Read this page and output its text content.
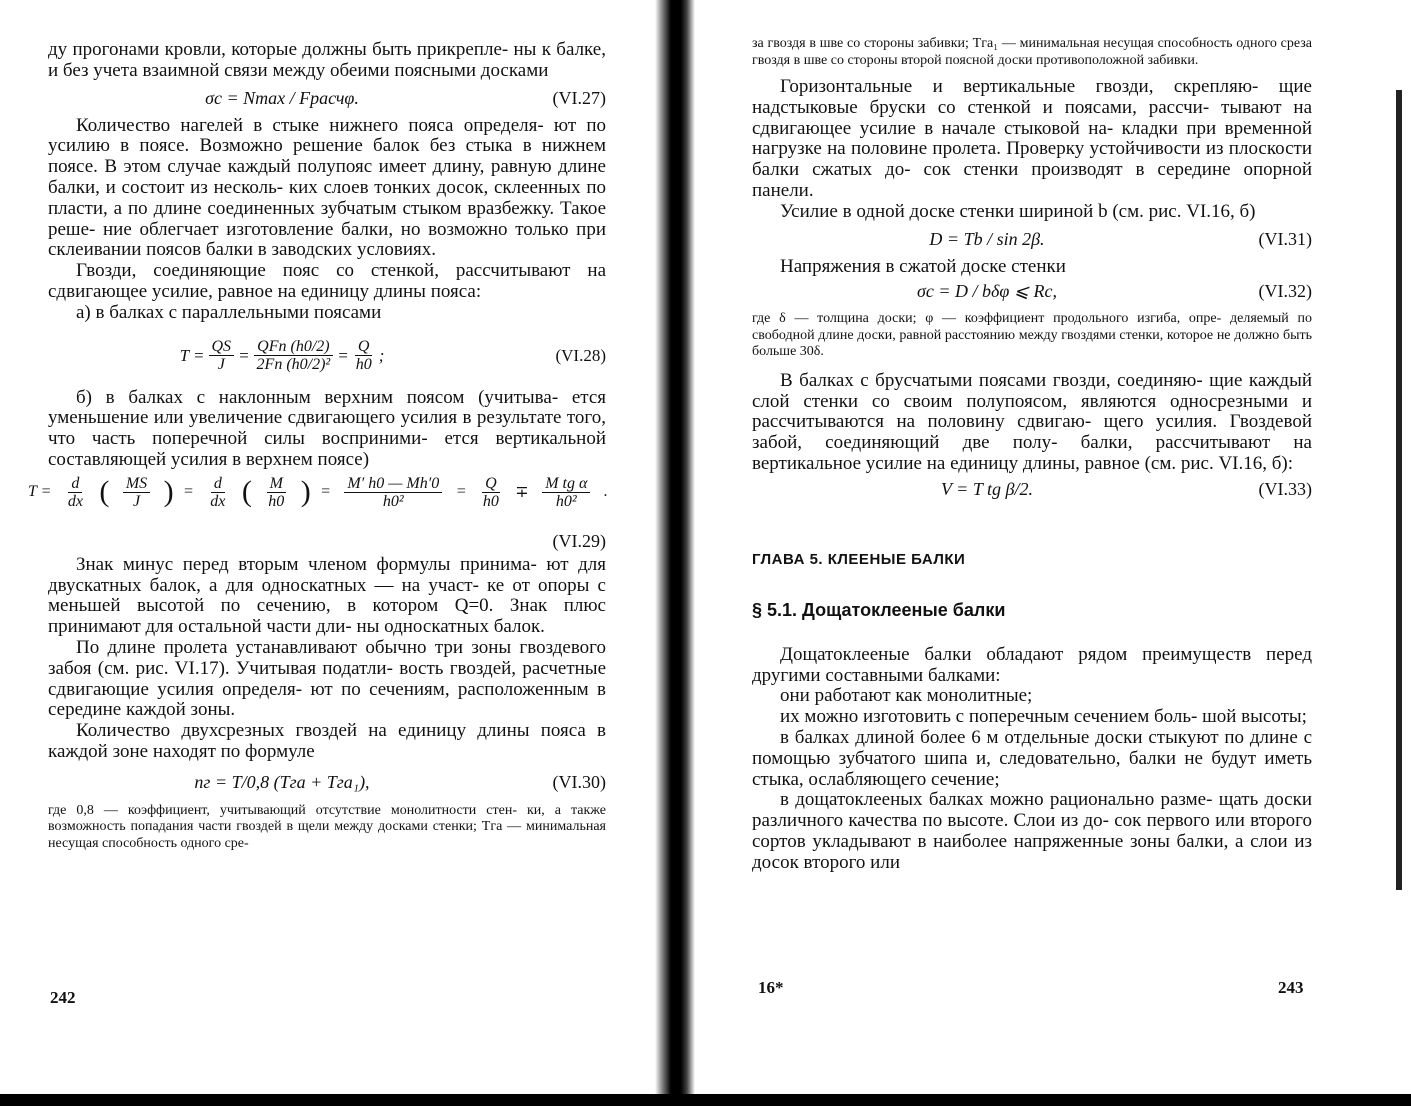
ду прогонами кровли, которые должны быть прикрепле- ны к балке, и без учета взаимной связи между обеими поясными досками

σc = Nmax / Fрасчφ.	(VI.27)

Количество нагелей в стыке нижнего пояса определя- ют по усилию в поясе. Возможно решение балок без стыка в нижнем поясе. В этом случае каждый полупояс имеет длину, равную длине балки, и состоит из несколь- ких слоев тонких досок, склеенных по пласти, а по длине соединенных зубчатым стыком вразбежку. Такое реше- ние облегчает изготовление балки, но возможно только при склеивании поясов балки в заводских условиях.

Гвозди, соединяющие пояс со стенкой, рассчитывают на сдвигающее усилие, равное на единицу длины пояса:

а) в балках с параллельными поясами

$T = \frac{QS}{J} = \frac{\text{QFп (h0/2)}}{\text{2Fп (h0/2)²}} = \frac{Q}{h0}$ ;	(VI.28)

б) в балках с наклонным верхним поясом (учитыва- ется уменьшение или увеличение сдвигающего усилия в результате того, что часть поперечной силы восприними- ется вертикальной составляющей усилия в верхнем поясе)

$T = \frac{d}{dx}$ ( $\frac{MS}{J}$ ) = $\frac{d}{dx}$ ( $\frac{M}{h0}$ ) = $\frac{M' h0 — Mh'0}{\text{h0²}} = \frac{Q}{h0} \mp \frac{\text{M tg α}}{\text{h0²}}$ .
(VI.29)

Знак минус перед вторым членом формулы принима- ют для двускатных балок, а для односкатных — на участ- ке от опоры с меньшей высотой по сечению, в котором Q=0. Знак плюс принимают для остальной части дли- ны односкатных балок.

По длине пролета устанавливают обычно три зоны гвоздевого забоя (см. рис. VI.17). Учитывая податли- вость гвоздей, расчетные сдвигающие усилия определя- ют по сечениям, расположенным в середине каждой зоны.

Количество двухсрезных гвоздей на единицу длины пояса в каждой зоне находят по формуле

nг = T/0,8 (Tгa + Tгa₁),	(VI.30)

где 0,8 — коэффициент, учитывающий отсутствие монолитности стен- ки, а также возможность попадания части гвоздей в щели между досками стенки; Tгa — минимальная несущая способность одного сре-

242

за гвоздя в шве со стороны забивки; Tгa₁ — минимальная несущая способность одного среза гвоздя в шве со стороны второй поясной доски противоположной забивки.

Горизонтальные и вертикальные гвозди, скрепляю- щие надстыковые бруски со стенкой и поясами, рассчи- тывают на сдвигающее усилие в начале стыковой на- кладки при временной нагрузке на половине пролета. Проверку устойчивости из плоскости балки сжатых до- сок стенки производят в середине опорной панели.

Усилие в одной доске стенки шириной b (см. рис. VI.16, б)

D = Tb / sin 2β.	(VI.31)

Напряжения в сжатой доске стенки

σc = D / bδφ ⩽ Rc,	(VI.32)

где δ — толщина доски; φ — коэффициент продольного изгиба, опре- деляемый по свободной длине доски, равной расстоянию между гвоздями стенки, которое не должно быть больше 30δ.

В балках с брусчатыми поясами гвозди, соединяю- щие каждый слой стенки со своим полупоясом, являются односрезными и рассчитываются на половину сдвигаю- щего усилия. Гвоздевой забой, соединяющий две полу- балки, рассчитывают на вертикальное усилие на единицу длины, равное (см. рис. VI.16, б):

V = T tg β/2.	(VI.33)
ГЛАВА 5. КЛЕЕНЫЕ БАЛКИ
§ 5.1. Дощатоклееные балки

Дощатоклееные балки обладают рядом преимуществ перед другими составными балками:

они работают как монолитные;

их можно изготовить с поперечным сечением боль- шой высоты;

в балках длиной более 6 м отдельные доски стыкуют по длине с помощью зубчатого шипа и, следовательно, балки не будут иметь стыка, ослабляющего сечение;

в дощатоклееных балках можно рационально разме- щать доски различного качества по высоте. Слои из до- сок первого или второго сортов укладывают в наиболее напряженные зоны балки, а слои из досок второго или

16*	243
